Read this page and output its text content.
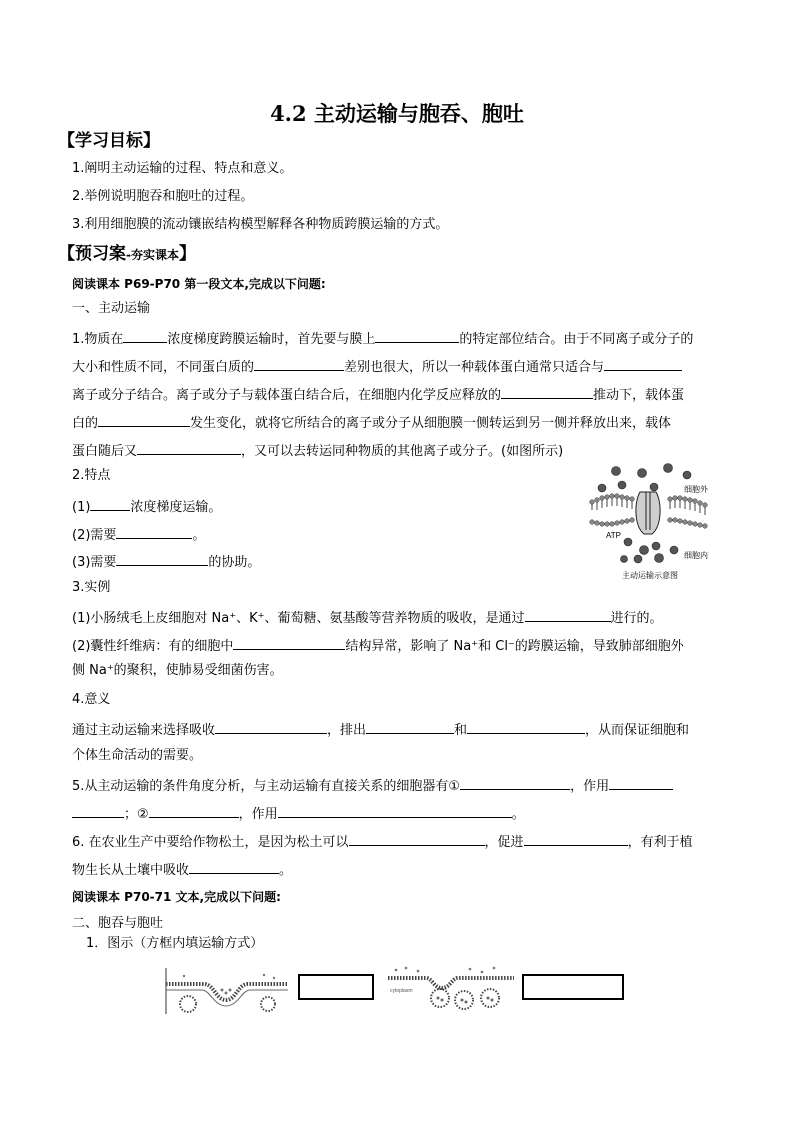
4.2 主动运输与胞吞、胞吐
【学习目标】
1.阐明主动运输的过程、特点和意义。
2.举例说明胞吞和胞吐的过程。
3.利用细胞膜的流动镶嵌结构模型解释各种物质跨膜运输的方式。
【预习案-夯实课本】
阅读课本 P69-P70 第一段文本,完成以下问题:
一、主动运输
1.物质在	浓度梯度跨膜运输时，首先要与膜上	的特定部位结合。由于不同离子或分子的
大小和性质不同，不同蛋白质的	差别也很大，所以一种载体蛋白通常只适合与
离子或分子结合。离子或分子与载体蛋白结合后，在细胞内化学反应释放的	推动下，载体蛋
白的	发生变化，就将它所结合的离子或分子从细胞膜一侧转运到另一侧并释放出来，载体
蛋白随后又	，又可以去转运同种物质的其他离子或分子。(如图所示)
2.特点
(1)	浓度梯度运输。
(2)需要	。
(3)需要	的协助。
细胞外
ATP
细胞内
主动运输示意图
3.实例
(1)小肠绒毛上皮细胞对 Na⁺、K⁺、葡萄糖、氨基酸等营养物质的吸收，是通过	进行的。
(2)囊性纤维病：有的细胞中	结构异常，影响了 Na⁺和 Cl⁻的跨膜运输，导致肺部细胞外
侧 Na⁺的聚积，使肺易受细菌伤害。
4.意义
通过主动运输来选择吸收	，排出	和	，从而保证细胞和
个体生命活动的需要。
5.从主动运输的条件角度分析，与主动运输有直接关系的细胞器有①	，作用
；②	，作用	。
6. 在农业生产中要给作物松土，是因为松土可以	，促进	，有利于植
物生长从土壤中吸收	。
阅读课本 P70-71 文本,完成以下问题:
二、胞吞与胞吐
1．图示（方框内填运输方式）
cytoplasm
